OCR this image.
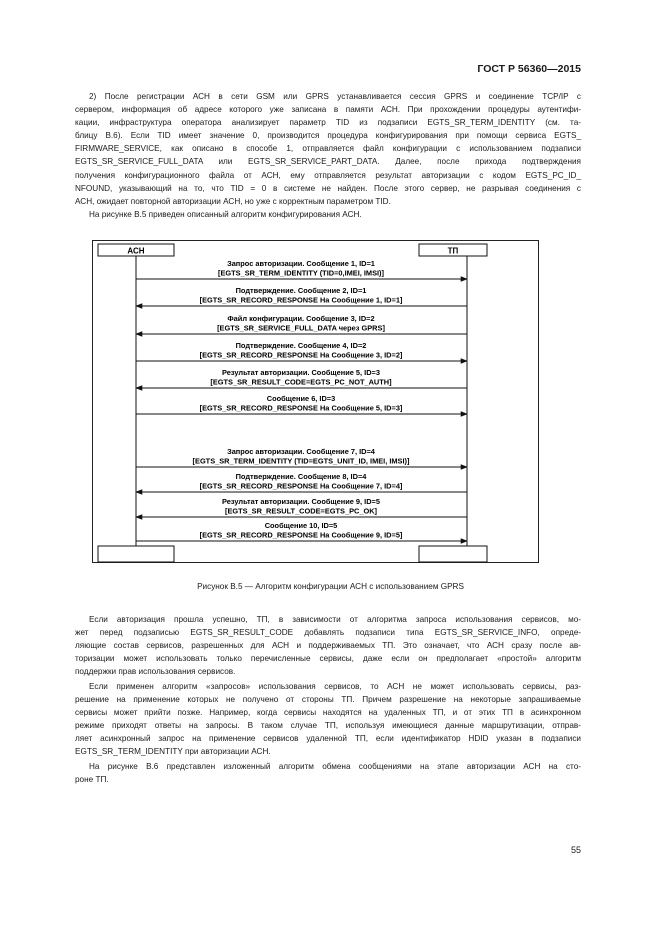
ГОСТ Р 56360—2015
2) После регистрации АСН в сети GSM или GPRS устанавливается сессия GPRS и соединение TCP/IP с
сервером, информация об адресе которого уже записана в памяти АСН. При прохождении процедуры аутентифи-
кации, инфраструктура оператора анализирует параметр TID из подзаписи EGTS_SR_TERM_IDENTITY (см. та-
блицу В.6). Если TID имеет значение 0, производится процедура конфигурирования при помощи сервиса EGTS_
FIRMWARE_SERVICE, как описано в способе 1, отправляется файл конфигурации с использованием подзаписи
EGTS_SR_SERVICE_FULL_DATA или EGTS_SR_SERVICE_PART_DATA. Далее, после прихода подтверждения
получения конфигурационного файла от АСН, ему отправляется результат авторизации с кодом EGTS_PC_ID_
NFOUND, указывающий на то, что TID = 0 в системе не найден. После этого сервер, не разрывая соединения с
АСН, ожидает повторной авторизации АСН, но уже с корректным параметром TID.
На рисунке В.5 приведен описанный алгоритм конфигурирования АСН.
АСН	ТП
Запрос авторизации. Сообщение 1, ID=1
[EGTS_SR_TERM_IDENTITY (TID=0,IMEI, IMSI)]
Подтверждение. Сообщение 2, ID=1
[EGTS_SR_RECORD_RESPONSE На Сообщение 1, ID=1]
Файл конфигурации. Сообщение 3, ID=2
[EGTS_SR_SERVICE_FULL_DATA через GPRS]
Подтверждение. Сообщение 4, ID=2
[EGTS_SR_RECORD_RESPONSE На Сообщение 3, ID=2]
Результат авторизации. Сообщение 5, ID=3
[EGTS_SR_RESULT_CODE=EGTS_PC_NOT_AUTH]
Сообщение 6, ID=3
[EGTS_SR_RECORD_RESPONSE На Сообщение 5, ID=3]
Запрос авторизации. Сообщение 7, ID=4
[EGTS_SR_TERM_IDENTITY (TID=EGTS_UNIT_ID, IMEI, IMSI)]
Подтверждение. Сообщение 8, ID=4
[EGTS_SR_RECORD_RESPONSE На Сообщение 7, ID=4]
Результат авторизации. Сообщение 9, ID=5
[EGTS_SR_RESULT_CODE=EGTS_PC_OK]
Сообщение 10, ID=5
[EGTS_SR_RECORD_RESPONSE На Сообщение 9, ID=5]
Рисунок В.5 — Алгоритм конфигурации АСН с использованием GPRS
Если авторизация прошла успешно, ТП, в зависимости от алгоритма запроса использования сервисов, мо-
жет перед подзаписью EGTS_SR_RESULT_CODE добавлять подзаписи типа EGTS_SR_SERVICE_INFO, опреде-
ляющие состав сервисов, разрешенных для АСН и поддерживаемых ТП. Это означает, что АСН сразу после ав-
торизации может использовать только перечисленные сервисы, даже если он предполагает «простой» алгоритм
поддержки прав использования сервисов.
Если применен алгоритм «запросов» использования сервисов, то АСН не может использовать сервисы, раз-
решение на применение которых не получено от стороны ТП. Причем разрешение на некоторые запрашиваемые
сервисы может прийти позже. Например, когда сервисы находятся на удаленных ТП, и от этих ТП в асинхронном
режиме приходят ответы на запросы. В таком случае ТП, используя имеющиеся данные маршрутизации, отправ-
ляет асинхронный запрос на применение сервисов удаленной ТП, если идентификатор HDID указан в подзаписи
EGTS_SR_TERM_IDENTITY при авторизации АСН.
На рисунке В.6 представлен изложенный алгоритм обмена сообщениями на этапе авторизации АСН на сто-
роне ТП.
55
